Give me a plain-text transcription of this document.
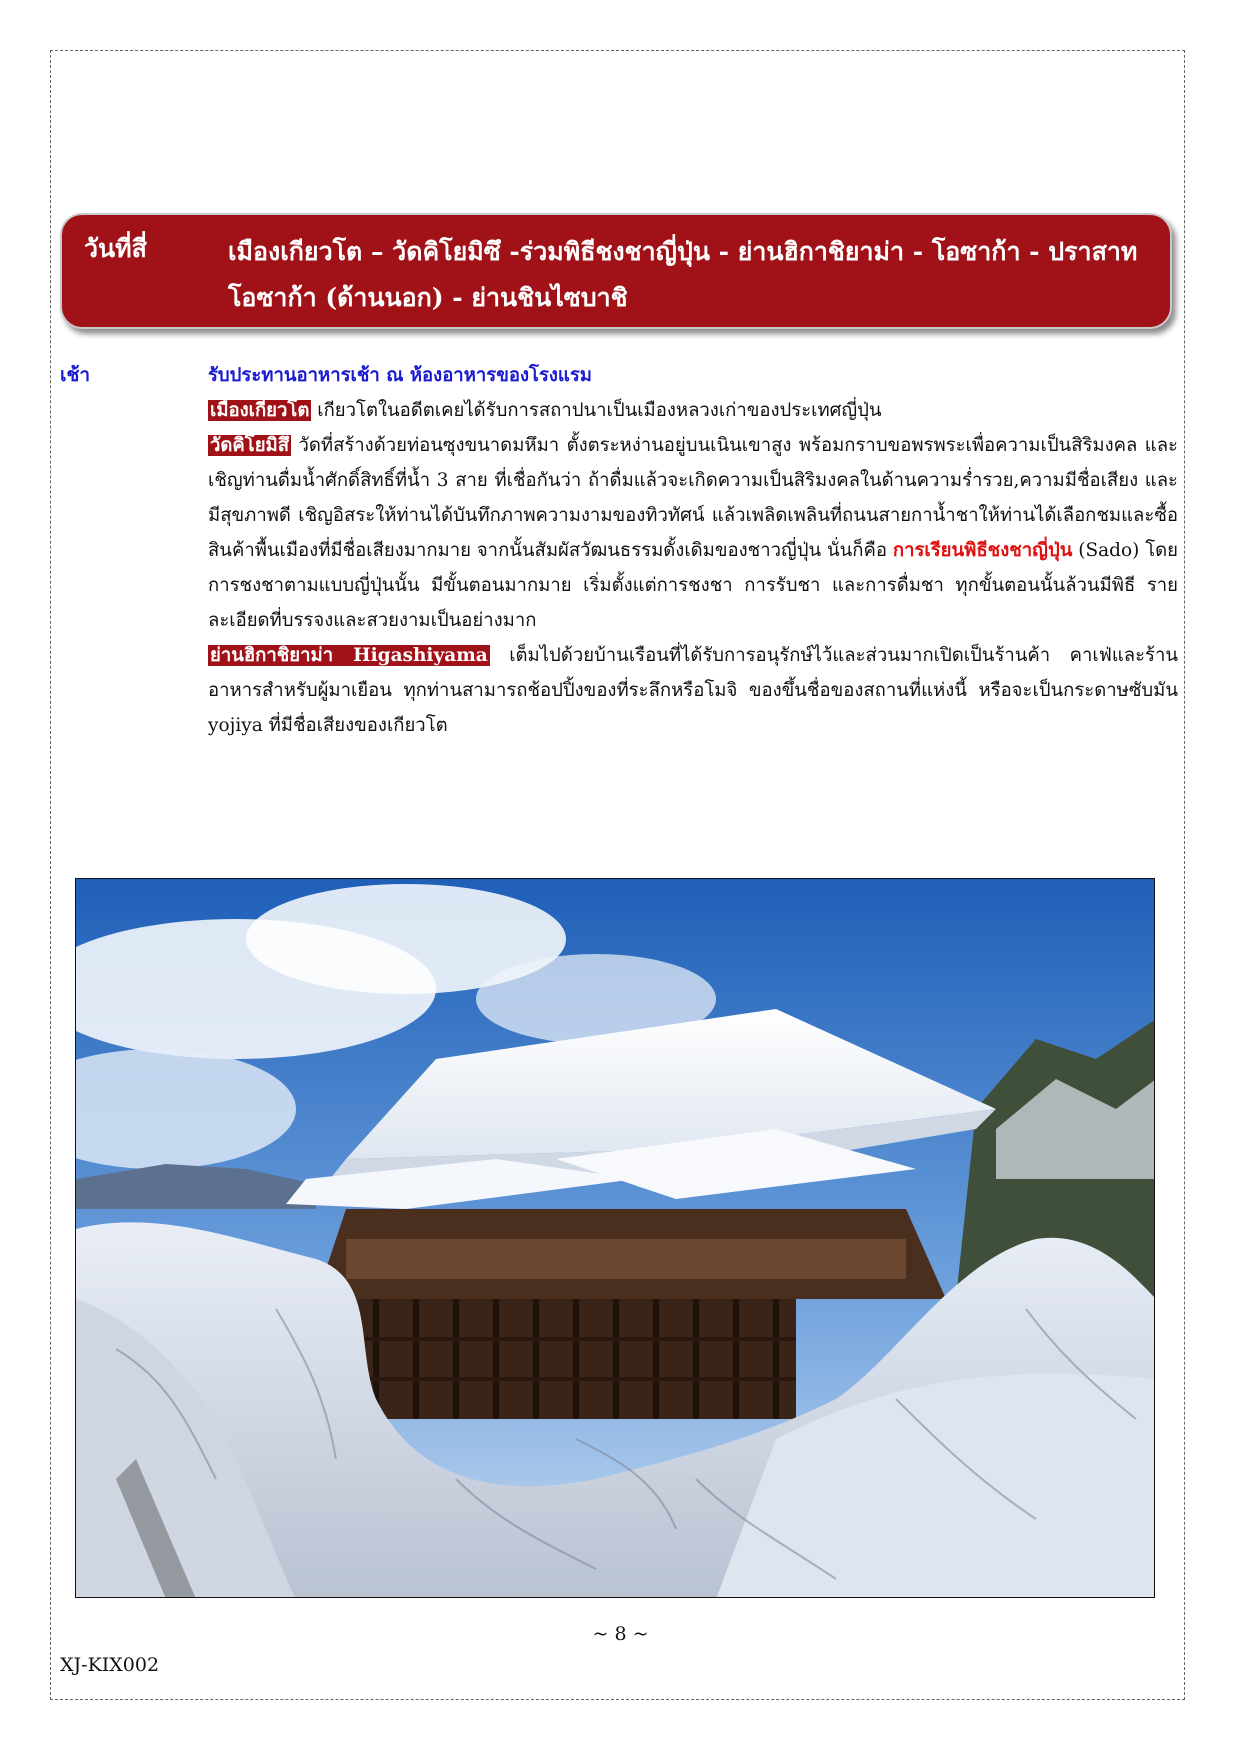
วันที่สี่	เมืองเกียวโต – วัดคิโยมิซึ -ร่วมพิธีชงชาญี่ปุ่น - ย่านฮิกาชิยาม่า - โอซาก้า - ปราสาทโอซาก้า (ด้านนอก) - ย่านชินไซบาชิ
เช้า	รับประทานอาหารเช้า ณ ห้องอาหารของโรงแรม

เมืองเกียวโต เกียวโตในอดีตเคยได้รับการสถาปนาเป็นเมืองหลวงเก่าของประเทศญี่ปุ่น

วัดคิโยมิสึ วัดที่สร้างด้วยท่อนซุงขนาดมหึมา ตั้งตระหง่านอยู่บนเนินเขาสูง พร้อมกราบขอพรพระเพื่อความเป็นสิริมงคล และเชิญท่านดื่มน้ำศักดิ์สิทธิ์ที่น้ำ 3 สาย ที่เชื่อกันว่า ถ้าดื่มแล้วจะเกิดความเป็นสิริมงคลในด้านความร่ำรวย,ความมีชื่อเสียง และ มีสุขภาพดี เชิญอิสระให้ท่านได้บันทึกภาพความงามของทิวทัศน์ แล้วเพลิดเพลินที่ถนนสายกาน้ำชาให้ท่านได้เลือกชมและซื้อสินค้าพื้นเมืองที่มีชื่อเสียงมากมาย จากนั้นสัมผัสวัฒนธรรมดั้งเดิมของชาวญี่ปุ่น นั่นก็คือ การเรียนพิธีชงชาญี่ปุ่น (Sado) โดยการชงชาตามแบบญี่ปุ่นนั้น มีขั้นตอนมากมาย เริ่มตั้งแต่การชงชา การรับชา และการดื่มชา ทุกขั้นตอนนั้นล้วนมีพิธี รายละเอียดที่บรรจงและสวยงามเป็นอย่างมาก

ย่านฮิกาชิยาม่า Higashiyama เต็มไปด้วยบ้านเรือนที่ได้รับการอนุรักษ์ไว้และส่วนมากเปิดเป็นร้านค้า คาเฟ่และร้านอาหารสำหรับผู้มาเยือน ทุกท่านสามารถช้อปปิ้งของที่ระลึกหรือโมจิ ของขึ้นชื่อของสถานที่แห่งนี้ หรือจะเป็นกระดาษซับมัน yojiya ที่มีชื่อเสียงของเกียวโต

~ 8 ~
XJ-KIX002
